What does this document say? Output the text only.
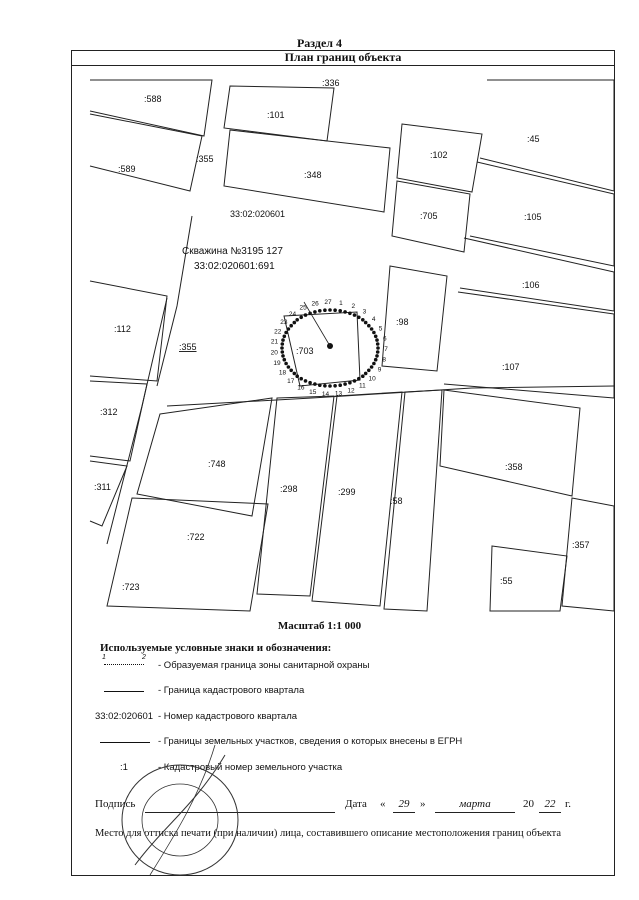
Раздел 4
План границ объекта
:588
:336
:101
:45
:589
:355
:348
:102
:705	:105
:106
:112
:355	:703
:98
:107
:312
:748
:298	:299
:58
:358
:311
:722
:357
:723
:55
33:02:020601
Скважина №3195 127
33:02:020601:691
1 2
3
4
5
6
7
8
9
10
11
12
13
14
15
16
17
18
19
20
21
22
23
24
25
26 27
Масштаб 1:1 000
Используемые условные знаки и обозначения:
1	2
- Образуемая граница зоны санитарной охраны
- Граница кадастрового квартала
33:02:020601 - Номер кадастрового квартала
- Границы земельных участков, сведения о которых внесены в ЕГРН
:1	- Кадастровый номер земельного участка
Подпись	Дата «	29 »	марта	20 22 г.
Место для оттиска печати (при наличии) лица, составившего описание местоположения границ объекта
